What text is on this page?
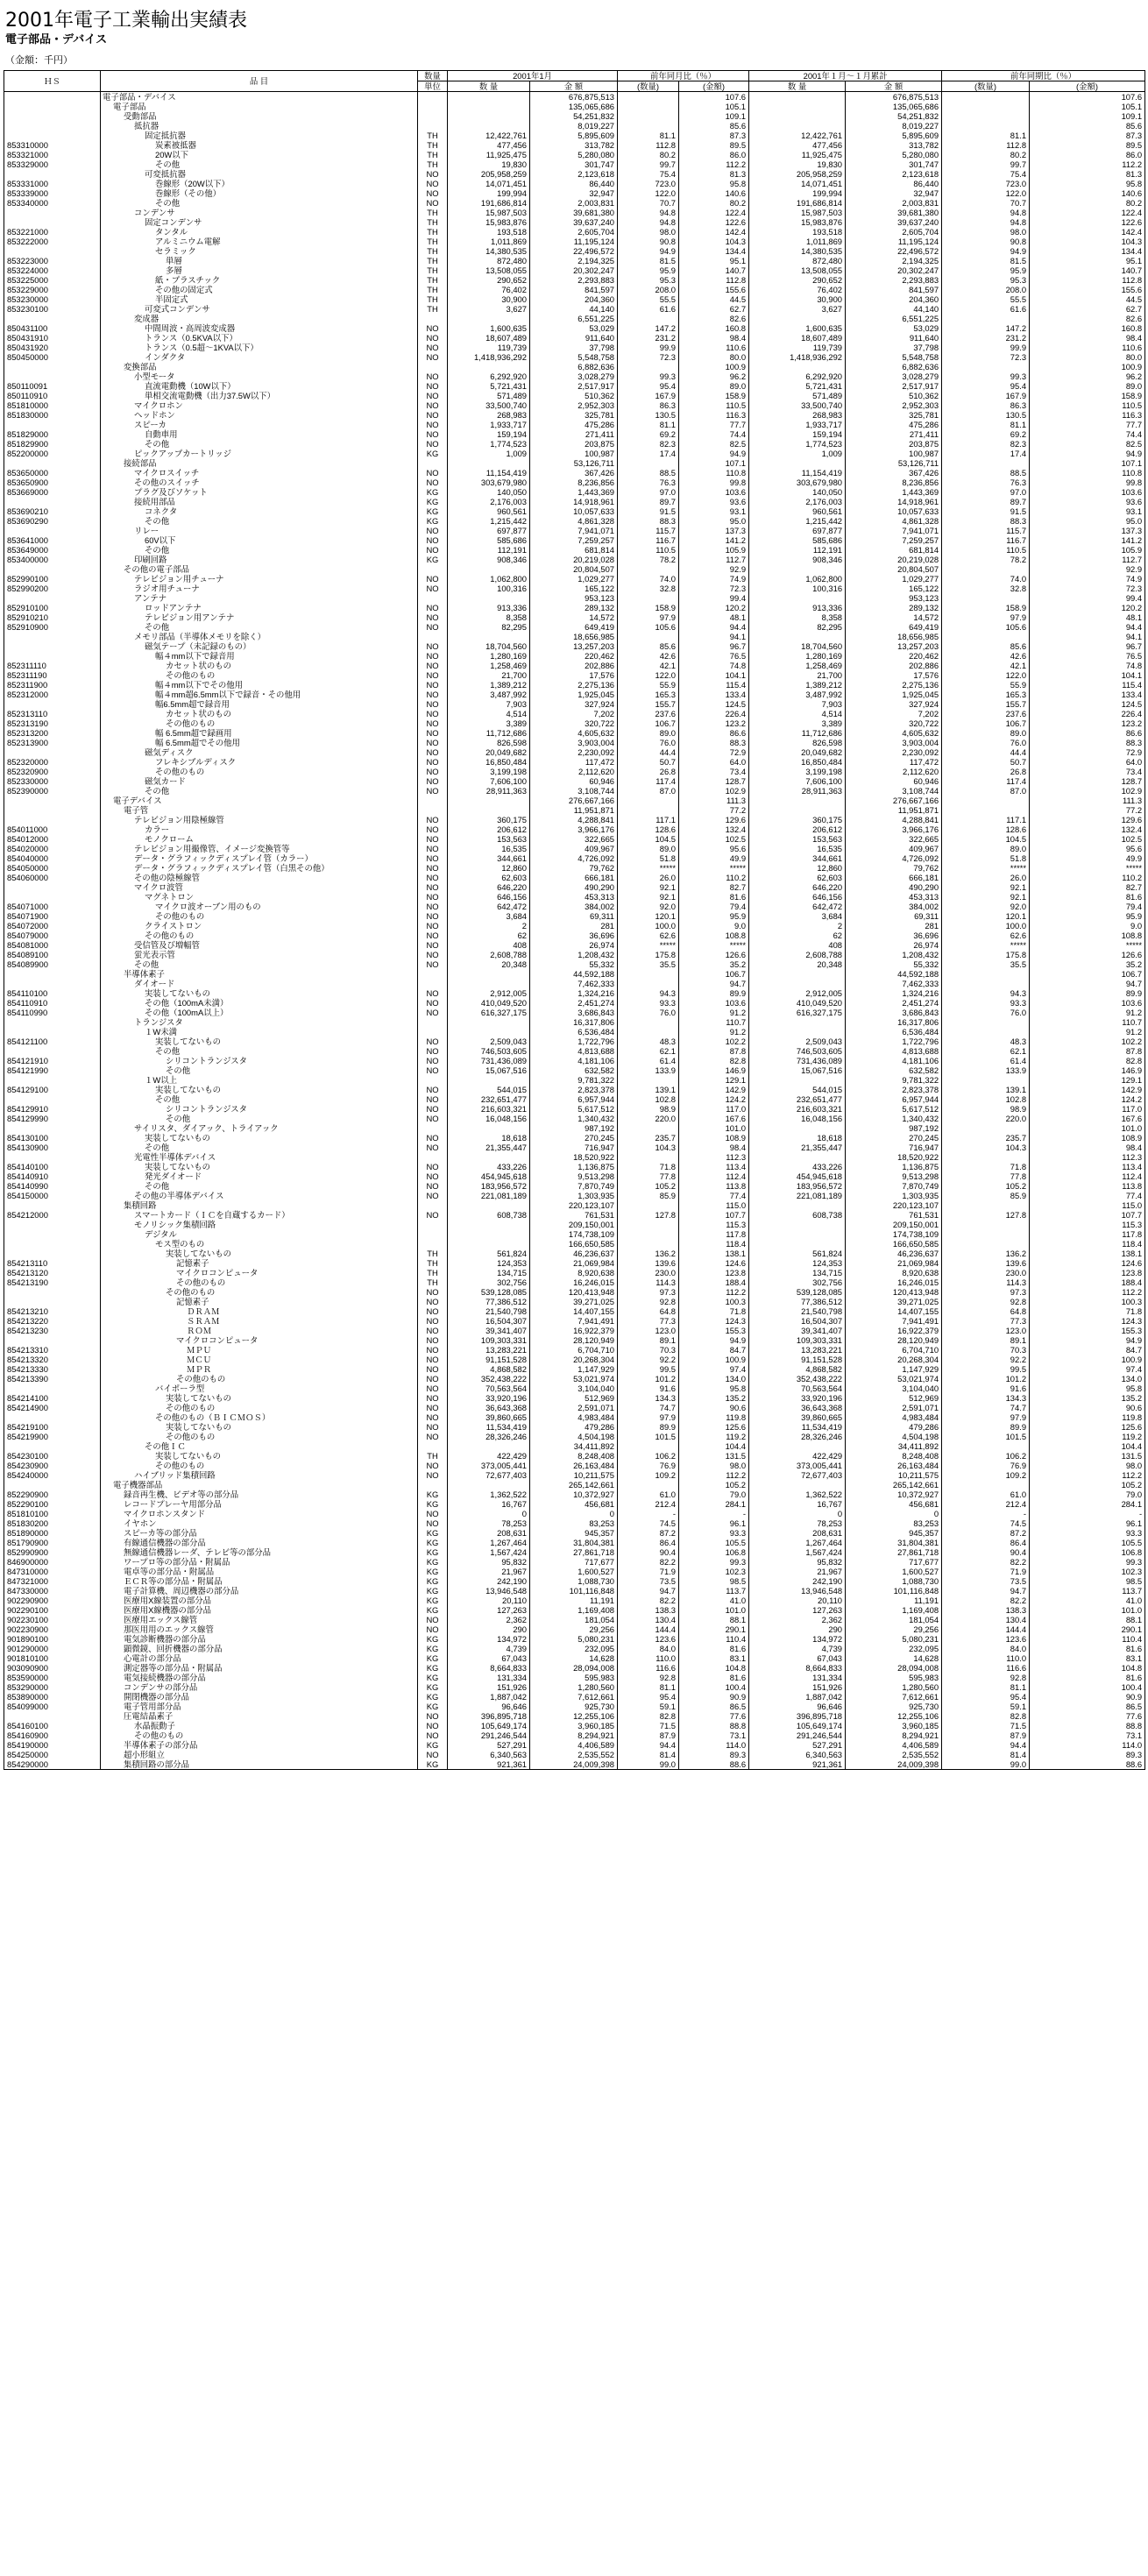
2001年電子工業輸出実績表
電子部品・デバイス
（金額：千円）
ＨＳ	品 目	数量	2001年1月		前年同月比（％）		2001年１月～１月累計		前年同期比（％）	
		単位	数 量	金 額	(数量)	(金額)	数 量	金 額	(数量)	(金額)
	電子部品・デバイス			676,875,513		107.6		676,875,513		107.6
	電子部品			135,065,686		105.1		135,065,686		105.1
	受動部品			54,251,832		109.1		54,251,832		109.1
	抵抗器			8,019,227		85.6		8,019,227		85.6
	固定抵抗器	TH	12,422,761	5,895,609	81.1	87.3	12,422,761	5,895,609	81.1	87.3
853310000	炭素被抵器	TH	477,456	313,782	112.8	89.5	477,456	313,782	112.8	89.5
853321000	20W以下	TH	11,925,475	5,280,080	80.2	86.0	11,925,475	5,280,080	80.2	86.0
853329000	その他	TH	19,830	301,747	99.7	112.2	19,830	301,747	99.7	112.2
	可変抵抗器	NO	205,958,259	2,123,618	75.4	81.3	205,958,259	2,123,618	75.4	81.3
853331000	巻線形（20W以下）	NO	14,071,451	86,440	723.0	95.8	14,071,451	86,440	723.0	95.8
853339000	巻線形（その他）	NO	199,994	32,947	122.0	140.6	199,994	32,947	122.0	140.6
853340000	その他	NO	191,686,814	2,003,831	70.7	80.2	191,686,814	2,003,831	70.7	80.2
	コンデンサ	TH	15,987,503	39,681,380	94.8	122.4	15,987,503	39,681,380	94.8	122.4
	固定コンデンサ	TH	15,983,876	39,637,240	94.8	122.6	15,983,876	39,637,240	94.8	122.6
853221000	タンタル	TH	193,518	2,605,704	98.0	142.4	193,518	2,605,704	98.0	142.4
853222000	アルミニウム電解	TH	1,011,869	11,195,124	90.8	104.3	1,011,869	11,195,124	90.8	104.3
	セラミック	TH	14,380,535	22,496,572	94.9	134.4	14,380,535	22,496,572	94.9	134.4
853223000	単層	TH	872,480	2,194,325	81.5	95.1	872,480	2,194,325	81.5	95.1
853224000	多層	TH	13,508,055	20,302,247	95.9	140.7	13,508,055	20,302,247	95.9	140.7
853225000	紙・プラスチック	TH	290,652	2,293,883	95.3	112.8	290,652	2,293,883	95.3	112.8
853229000	その他の固定式	TH	76,402	841,597	208.0	155.6	76,402	841,597	208.0	155.6
853230000	半固定式	TH	30,900	204,360	55.5	44.5	30,900	204,360	55.5	44.5
853230100	可変式コンデンサ	TH	3,627	44,140	61.6	62.7	3,627	44,140	61.6	62.7
	変成器			6,551,225		82.6		6,551,225		82.6
850431100	中間周波・高周波変成器	NO	1,600,635	53,029	147.2	160.8	1,600,635	53,029	147.2	160.8
850431910	トランス（0.5KVA以下）	NO	18,607,489	911,640	231.2	98.4	18,607,489	911,640	231.2	98.4
850431920	トランス（0.5超～1KVA以下）	NO	119,739	37,798	99.9	110.6	119,739	37,798	99.9	110.6
850450000	インダクタ	NO	1,418,936,292	5,548,758	72.3	80.0	1,418,936,292	5,548,758	72.3	80.0
	変換部品			6,882,636		100.9		6,882,636		100.9
	小型モータ	NO	6,292,920	3,028,279	99.3	96.2	6,292,920	3,028,279	99.3	96.2
850110091	直流電動機（10W以下）	NO	5,721,431	2,517,917	95.4	89.0	5,721,431	2,517,917	95.4	89.0
850110910	単相交流電動機（出力37.5W以下）	NO	571,489	510,362	167.9	158.9	571,489	510,362	167.9	158.9
851810000	マイクロホン	NO	33,500,740	2,952,303	86.3	110.5	33,500,740	2,952,303	86.3	110.5
851830000	ヘッドホン	NO	268,983	325,781	130.5	116.3	268,983	325,781	130.5	116.3
	スピーカ	NO	1,933,717	475,286	81.1	77.7	1,933,717	475,286	81.1	77.7
851829000	自動車用	NO	159,194	271,411	69.2	74.4	159,194	271,411	69.2	74.4
851829900	その他	NO	1,774,523	203,875	82.3	82.5	1,774,523	203,875	82.3	82.5
852200000	ピックアップカートリッジ	KG	1,009	100,987	17.4	94.9	1,009	100,987	17.4	94.9
	接続部品			53,126,711		107.1		53,126,711		107.1
853650000	マイクロスイッチ	NO	11,154,419	367,426	88.5	110.8	11,154,419	367,426	88.5	110.8
853650900	その他のスイッチ	NO	303,679,980	8,236,856	76.3	99.8	303,679,980	8,236,856	76.3	99.8
853669000	プラグ及びソケット	KG	140,050	1,443,369	97.0	103.6	140,050	1,443,369	97.0	103.6
	接続用部品	KG	2,176,003	14,918,961	89.7	93.6	2,176,003	14,918,961	89.7	93.6
853690210	コネクタ	KG	960,561	10,057,633	91.5	93.1	960,561	10,057,633	91.5	93.1
853690290	その他	KG	1,215,442	4,861,328	88.3	95.0	1,215,442	4,861,328	88.3	95.0
	リレー	NO	697,877	7,941,071	115.7	137.3	697,877	7,941,071	115.7	137.3
853641000	60V以下	NO	585,686	7,259,257	116.7	141.2	585,686	7,259,257	116.7	141.2
853649000	その他	NO	112,191	681,814	110.5	105.9	112,191	681,814	110.5	105.9
853400000	印刷回路	KG	908,346	20,219,028	78.2	112.7	908,346	20,219,028	78.2	112.7
	その他の電子部品			20,804,507		92.9		20,804,507		92.9
852990100	テレビジョン用チューナ	NO	1,062,800	1,029,277	74.0	74.9	1,062,800	1,029,277	74.0	74.9
852990200	ラジオ用チューナ	NO	100,316	165,122	32.8	72.3	100,316	165,122	32.8	72.3
	アンテナ			953,123		99.4		953,123		99.4
852910100	ロッドアンテナ	NO	913,336	289,132	158.9	120.2	913,336	289,132	158.9	120.2
852910210	テレビジョン用アンテナ	NO	8,358	14,572	97.9	48.1	8,358	14,572	97.9	48.1
852910900	その他	NO	82,295	649,419	105.6	94.4	82,295	649,419	105.6	94.4
	メモリ部品（半導体メモリを除く）			18,656,985		94.1		18,656,985		94.1
	磁気テープ（未記録のもの）	NO	18,704,560	13,257,203	85.6	96.7	18,704,560	13,257,203	85.6	96.7
	幅４mm以下で録音用	NO	1,280,169	220,462	42.6	76.5	1,280,169	220,462	42.6	76.5
852311110	カセット状のもの	NO	1,258,469	202,886	42.1	74.8	1,258,469	202,886	42.1	74.8
852311190	その他のもの	NO	21,700	17,576	122.0	104.1	21,700	17,576	122.0	104.1
852311900	幅４mm以下でその他用	NO	1,389,212	2,275,136	55.9	115.4	1,389,212	2,275,136	55.9	115.4
852312000	幅４mm超6.5mm以下で録音・その他用	NO	3,487,992	1,925,045	165.3	133.4	3,487,992	1,925,045	165.3	133.4
	幅6.5mm超で録音用	NO	7,903	327,924	155.7	124.5	7,903	327,924	155.7	124.5
852313110	カセット状のもの	NO	4,514	7,202	237.6	226.4	4,514	7,202	237.6	226.4
852313190	その他のもの	NO	3,389	320,722	106.7	123.2	3,389	320,722	106.7	123.2
852313200	幅 6.5mm超で録画用	NO	11,712,686	4,605,632	89.0	86.6	11,712,686	4,605,632	89.0	86.6
852313900	幅 6.5mm超でその他用	NO	826,598	3,903,004	76.0	88.3	826,598	3,903,004	76.0	88.3
	磁気ディスク	NO	20,049,682	2,230,092	44.4	72.9	20,049,682	2,230,092	44.4	72.9
852320000	フレキシブルディスク	NO	16,850,484	117,472	50.7	64.0	16,850,484	117,472	50.7	64.0
852320900	その他のもの	NO	3,199,198	2,112,620	26.8	73.4	3,199,198	2,112,620	26.8	73.4
852330000	磁気カード	NO	7,606,100	60,946	117.4	128.7	7,606,100	60,946	117.4	128.7
852390000	その他	NO	28,911,363	3,108,744	87.0	102.9	28,911,363	3,108,744	87.0	102.9
	電子デバイス			276,667,166		111.3		276,667,166		111.3
	電子管			11,951,871		77.2		11,951,871		77.2
	テレビジョン用陰極線管	NO	360,175	4,288,841	117.1	129.6	360,175	4,288,841	117.1	129.6
854011000	カラー	NO	206,612	3,966,176	128.6	132.4	206,612	3,966,176	128.6	132.4
854012000	モノクローム	NO	153,563	322,665	104.5	102.5	153,563	322,665	104.5	102.5
854020000	テレビジョン用撮像管、イメージ変換管等	NO	16,535	409,967	89.0	95.6	16,535	409,967	89.0	95.6
854040000	データ・グラフィックディスプレイ管（カラー）	NO	344,661	4,726,092	51.8	49.9	344,661	4,726,092	51.8	49.9
854050000	データ・グラフィックディスプレイ管（白黒その他）	NO	12,860	79,762	*****	*****	12,860	79,762	*****	*****
854060000	その他の陰極線管	NO	62,603	666,181	26.0	110.2	62,603	666,181	26.0	110.2
	マイクロ波管	NO	646,220	490,290	92.1	82.7	646,220	490,290	92.1	82.7
	マグネトロン	NO	646,156	453,313	92.1	81.6	646,156	453,313	92.1	81.6
854071000	マイクロ波オーブン用のもの	NO	642,472	384,002	92.0	79.4	642,472	384,002	92.0	79.4
854071900	その他のもの	NO	3,684	69,311	120.1	95.9	3,684	69,311	120.1	95.9
854072000	クライストロン	NO	2	281	100.0	9.0	2	281	100.0	9.0
854079000	その他のもの	NO	62	36,696	62.6	108.8	62	36,696	62.6	108.8
854081000	受信管及び増幅管	NO	408	26,974	*****	*****	408	26,974	*****	*****
854089100	蛍光表示管	NO	2,608,788	1,208,432	175.8	126.6	2,608,788	1,208,432	175.8	126.6
854089900	その他	NO	20,348	55,332	35.5	35.2	20,348	55,332	35.5	35.2
	半導体素子			44,592,188		106.7		44,592,188		106.7
	ダイオード			7,462,333		94.7		7,462,333		94.7
854110100	実装してないもの	NO	2,912,005	1,324,216	94.3	89.9	2,912,005	1,324,216	94.3	89.9
854110910	その他（100mA未満）	NO	410,049,520	2,451,274	93.3	103.6	410,049,520	2,451,274	93.3	103.6
854110990	その他（100mA以上）	NO	616,327,175	3,686,843	76.0	91.2	616,327,175	3,686,843	76.0	91.2
	トランジスタ			16,317,806		110.7		16,317,806		110.7
	１W未満			6,536,484		91.2		6,536,484		91.2
854121100	実装してないもの	NO	2,509,043	1,722,796	48.3	102.2	2,509,043	1,722,796	48.3	102.2
	その他	NO	746,503,605	4,813,688	62.1	87.8	746,503,605	4,813,688	62.1	87.8
854121910	シリコントランジスタ	NO	731,436,089	4,181,106	61.4	82.8	731,436,089	4,181,106	61.4	82.8
854121990	その他	NO	15,067,516	632,582	133.9	146.9	15,067,516	632,582	133.9	146.9
	１W以上			9,781,322		129.1		9,781,322		129.1
854129100	実装してないもの	NO	544,015	2,823,378	139.1	142.9	544,015	2,823,378	139.1	142.9
	その他	NO	232,651,477	6,957,944	102.8	124.2	232,651,477	6,957,944	102.8	124.2
854129910	シリコントランジスタ	NO	216,603,321	5,617,512	98.9	117.0	216,603,321	5,617,512	98.9	117.0
854129990	その他	NO	16,048,156	1,340,432	220.0	167.6	16,048,156	1,340,432	220.0	167.6
	サイリスタ、ダイアック、トライアック			987,192		101.0		987,192		101.0
854130100	実装してないもの	NO	18,618	270,245	235.7	108.9	18,618	270,245	235.7	108.9
854130900	その他	NO	21,355,447	716,947	104.3	98.4	21,355,447	716,947	104.3	98.4
	光電性半導体デバイス			18,520,922		112.3		18,520,922		112.3
854140100	実装してないもの	NO	433,226	1,136,875	71.8	113.4	433,226	1,136,875	71.8	113.4
854140910	発光ダイオード	NO	454,945,618	9,513,298	77.8	112.4	454,945,618	9,513,298	77.8	112.4
854140990	その他	NO	183,956,572	7,870,749	105.2	113.8	183,956,572	7,870,749	105.2	113.8
854150000	その他の半導体デバイス	NO	221,081,189	1,303,935	85.9	77.4	221,081,189	1,303,935	85.9	77.4
	集積回路			220,123,107		115.0		220,123,107		115.0
854212000	スマートカード（ＩＣを自蔵するカード）	NO	608,738	761,531	127.8	107.7	608,738	761,531	127.8	107.7
	モノリシック集積回路			209,150,001		115.3		209,150,001		115.3
	デジタル			174,738,109		117.8		174,738,109		117.8
	モス型のもの			166,650,585		118.4		166,650,585		118.4
	実装してないもの	TH	561,824	46,236,637	136.2	138.1	561,824	46,236,637	136.2	138.1
854213110	記憶素子	TH	124,353	21,069,984	139.6	124.6	124,353	21,069,984	139.6	124.6
854213120	マイクロコンピュータ	TH	134,715	8,920,638	230.0	123.8	134,715	8,920,638	230.0	123.8
854213190	その他のもの	TH	302,756	16,246,015	114.3	188.4	302,756	16,246,015	114.3	188.4
	その他のもの	NO	539,128,085	120,413,948	97.3	112.2	539,128,085	120,413,948	97.3	112.2
	記憶素子	NO	77,386,512	39,271,025	92.8	100.3	77,386,512	39,271,025	92.8	100.3
854213210	ＤＲＡＭ	NO	21,540,798	14,407,155	64.8	71.8	21,540,798	14,407,155	64.8	71.8
854213220	ＳＲＡＭ	NO	16,504,307	7,941,491	77.3	124.3	16,504,307	7,941,491	77.3	124.3
854213230	ＲＯＭ	NO	39,341,407	16,922,379	123.0	155.3	39,341,407	16,922,379	123.0	155.3
	マイクロコンピュータ	NO	109,303,331	28,120,949	89.1	94.9	109,303,331	28,120,949	89.1	94.9
854213310	ＭＰＵ	NO	13,283,221	6,704,710	70.3	84.7	13,283,221	6,704,710	70.3	84.7
854213320	ＭＣＵ	NO	91,151,528	20,268,304	92.2	100.9	91,151,528	20,268,304	92.2	100.9
854213330	ＭＰＲ	NO	4,868,582	1,147,929	99.5	97.4	4,868,582	1,147,929	99.5	97.4
854213390	その他のもの	NO	352,438,222	53,021,974	101.2	134.0	352,438,222	53,021,974	101.2	134.0
	バイポーラ型	NO	70,563,564	3,104,040	91.6	95.8	70,563,564	3,104,040	91.6	95.8
854214100	実装してないもの	NO	33,920,196	512,969	134.3	135.2	33,920,196	512,969	134.3	135.2
854214900	その他のもの	NO	36,643,368	2,591,071	74.7	90.6	36,643,368	2,591,071	74.7	90.6
	その他のもの（ＢＩＣＭＯＳ）	NO	39,860,665	4,983,484	97.9	119.8	39,860,665	4,983,484	97.9	119.8
854219100	実装してないもの	NO	11,534,419	479,286	89.9	125.6	11,534,419	479,286	89.9	125.6
854219900	その他のもの	NO	28,326,246	4,504,198	101.5	119.2	28,326,246	4,504,198	101.5	119.2
	その他ＩＣ			34,411,892		104.4		34,411,892		104.4
854230100	実装してないもの	TH	422,429	8,248,408	106.2	131.5	422,429	8,248,408	106.2	131.5
854230900	その他のもの	NO	373,005,441	26,163,484	76.9	98.0	373,005,441	26,163,484	76.9	98.0
854240000	ハイブリッド集積回路	NO	72,677,403	10,211,575	109.2	112.2	72,677,403	10,211,575	109.2	112.2
	電子機器部品			265,142,661		105.2		265,142,661		105.2
852290900	録音再生機、ビデオ等の部分品	KG	1,362,522	10,372,927	61.0	79.0	1,362,522	10,372,927	61.0	79.0
852290100	レコードプレーヤ用部分品	KG	16,767	456,681	212.4	284.1	16,767	456,681	212.4	284.1
851810100	マイクロホンスタンド	NO	0	0	-	-	0	0	-	-
851830200	イヤホン	NO	78,253	83,253	74.5	96.1	78,253	83,253	74.5	96.1
851890000	スピーカ等の部分品	KG	208,631	945,357	87.2	93.3	208,631	945,357	87.2	93.3
851790900	有線通信機器の部分品	KG	1,267,464	31,804,381	86.4	105.5	1,267,464	31,804,381	86.4	105.5
852990900	無線通信機器レーダ、テレビ等の部分品	KG	1,567,424	27,861,718	90.4	106.8	1,567,424	27,861,718	90.4	106.8
846900000	ワープロ等の部分品・附属品	KG	95,832	717,677	82.2	99.3	95,832	717,677	82.2	99.3
847310000	電卓等の部分品・附属品	KG	21,967	1,600,527	71.9	102.3	21,967	1,600,527	71.9	102.3
847321000	ＥＣＲ等の部分品・附属品	KG	242,190	1,088,730	73.5	98.5	242,190	1,088,730	73.5	98.5
847330000	電子計算機、周辺機器の部分品	KG	13,946,548	101,116,848	94.7	113.7	13,946,548	101,116,848	94.7	113.7
902290900	医療用X線装置の部分品	KG	20,110	11,191	82.2	41.0	20,110	11,191	82.2	41.0
902290100	医療用X線機器の部分品	KG	127,263	1,169,408	138.3	101.0	127,263	1,169,408	138.3	101.0
902230100	医療用エックス線管	NO	2,362	181,054	130.4	88.1	2,362	181,054	130.4	88.1
902230900	那医用用のエックス線管	NO	290	29,256	144.4	290.1	290	29,256	144.4	290.1
901890100	電気診断機器の部分品	KG	134,972	5,080,231	123.6	110.4	134,972	5,080,231	123.6	110.4
901290000	顕微鏡、回折機器の部分品	KG	4,739	232,095	84.0	81.6	4,739	232,095	84.0	81.6
901810100	心電計の部分品	KG	67,043	14,628	110.0	83.1	67,043	14,628	110.0	83.1
903090900	測定器等の部分品・附属品	KG	8,664,833	28,094,008	116.6	104.8	8,664,833	28,094,008	116.6	104.8
853590000	電気接続機器の部分品	KG	131,334	595,983	92.8	81.6	131,334	595,983	92.8	81.6
853290000	コンデンサの部分品	KG	151,926	1,280,560	81.1	100.4	151,926	1,280,560	81.1	100.4
853890000	開閉機器の部分品	KG	1,887,042	7,612,661	95.4	90.9	1,887,042	7,612,661	95.4	90.9
854099000	電子管用部分品	KG	96,646	925,730	59.1	86.5	96,646	925,730	59.1	86.5
	圧電結晶素子	NO	396,895,718	12,255,106	82.8	77.6	396,895,718	12,255,106	82.8	77.6
854160100	水晶振動子	NO	105,649,174	3,960,185	71.5	88.8	105,649,174	3,960,185	71.5	88.8
854160900	その他のもの	NO	291,246,544	8,294,921	87.9	73.1	291,246,544	8,294,921	87.9	73.1
854190000	半導体素子の部分品	KG	527,291	4,406,589	94.4	114.0	527,291	4,406,589	94.4	114.0
854250000	超小形組立	NO	6,340,563	2,535,552	81.4	89.3	6,340,563	2,535,552	81.4	89.3
854290000	集積回路の部分品	KG	921,361	24,009,398	99.0	88.6	921,361	24,009,398	99.0	88.6
